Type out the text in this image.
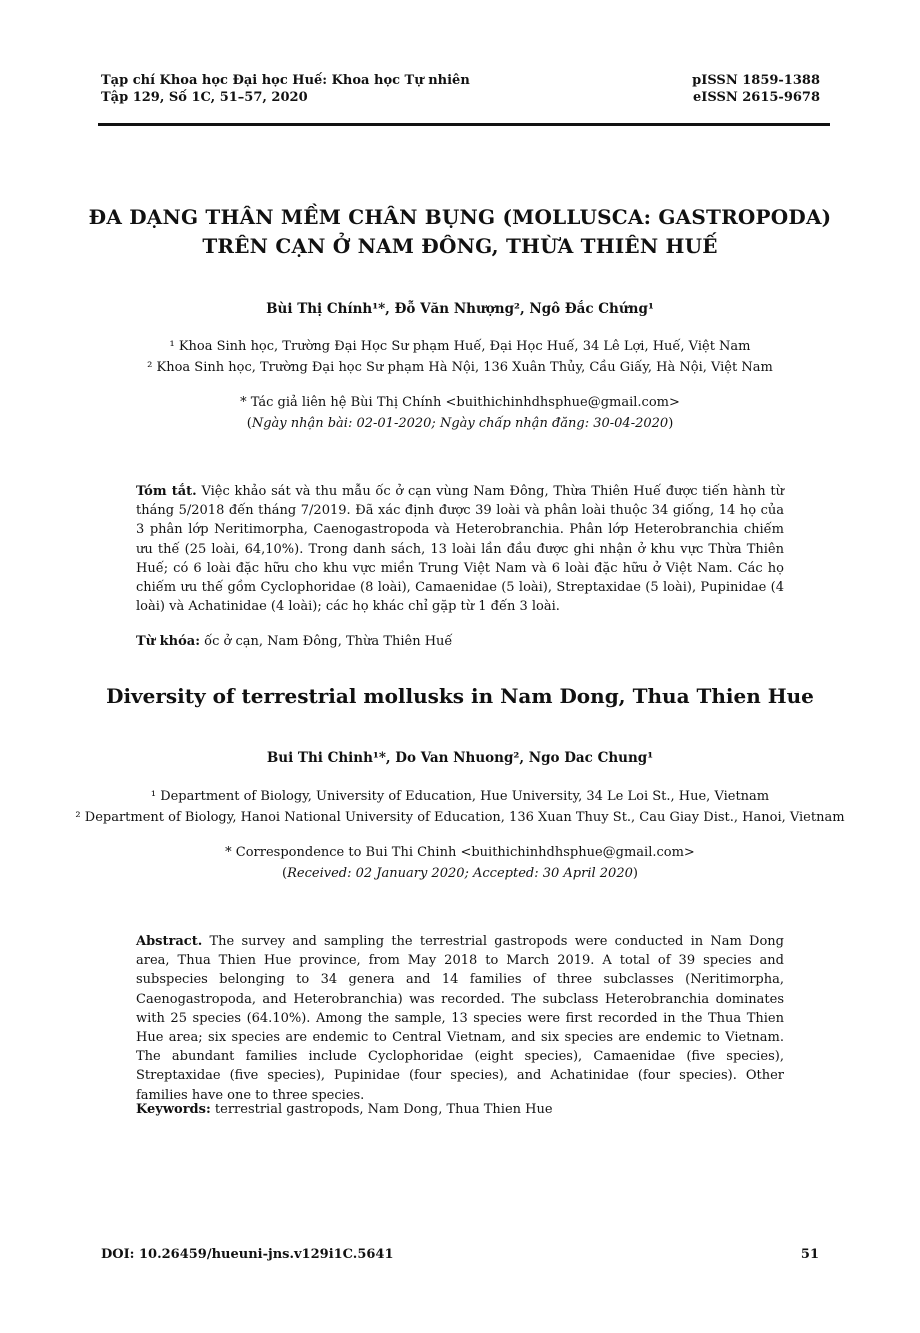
Tạp chí Khoa học Đại học Huế: Khoa học Tự nhiên
Tập 129, Số 1C, 51–57, 2020
pISSN 1859-1388
eISSN 2615-9678
ĐA DẠNG THÂN MỀM CHÂN BỤNG (MOLLUSCA: GASTROPODA)
TRÊN CẠN Ở NAM ĐÔNG, THỪA THIÊN HUẾ
Bùi Thị Chính¹*, Đỗ Văn Nhượng², Ngô Đắc Chứng¹
¹ Khoa Sinh học, Trường Đại Học Sư phạm Huế, Đại Học Huế, 34 Lê Lợi, Huế, Việt Nam
² Khoa Sinh học, Trường Đại học Sư phạm Hà Nội, 136 Xuân Thủy, Cầu Giấy, Hà Nội, Việt Nam
* Tác giả liên hệ Bùi Thị Chính <buithichinhdhsphue@gmail.com>
(Ngày nhận bài: 02-01-2020; Ngày chấp nhận đăng: 30-04-2020)
Tóm tắt. Việc khảo sát và thu mẫu ốc ở cạn vùng Nam Đông, Thừa Thiên Huế được tiến hành từ tháng 5/2018 đến tháng 7/2019. Đã xác định được 39 loài và phân loài thuộc 34 giống, 14 họ của 3 phân lớp Neritimorpha, Caenogastropoda và Heterobranchia. Phân lớp Heterobranchia chiếm ưu thế (25 loài, 64,10%). Trong danh sách, 13 loài lần đầu được ghi nhận ở khu vực Thừa Thiên Huế; có 6 loài đặc hữu cho khu vực miền Trung Việt Nam và 6 loài đặc hữu ở Việt Nam. Các họ chiếm ưu thế gồm Cyclophoridae (8 loài), Camaenidae (5 loài), Streptaxidae (5 loài), Pupinidae (4 loài) và Achatinidae (4 loài); các họ khác chỉ gặp từ 1 đến 3 loài.
Từ khóa: ốc ở cạn, Nam Đông, Thừa Thiên Huế
Diversity of terrestrial mollusks in Nam Dong, Thua Thien Hue
Bui Thi Chinh¹*, Do Van Nhuong², Ngo Dac Chung¹
¹ Department of Biology, University of Education, Hue University, 34 Le Loi St., Hue, Vietnam
² Department of Biology, Hanoi National University of Education, 136 Xuan Thuy St., Cau Giay Dist., Hanoi, Vietnam
* Correspondence to Bui Thi Chinh <buithichinhdhsphue@gmail.com>
(Received: 02 January 2020; Accepted: 30 April 2020)
Abstract. The survey and sampling the terrestrial gastropods were conducted in Nam Dong area, Thua Thien Hue province, from May 2018 to March 2019. A total of 39 species and subspecies belonging to 34 genera and 14 families of three subclasses (Neritimorpha, Caenogastropoda, and Heterobranchia) was recorded. The subclass Heterobranchia dominates with 25 species (64.10%). Among the sample, 13 species were first recorded in the Thua Thien Hue area; six species are endemic to Central Vietnam, and six species are endemic to Vietnam. The abundant families include Cyclophoridae (eight species), Camaenidae (five species), Streptaxidae (five species), Pupinidae (four species), and Achatinidae (four species). Other families have one to three species.
Keywords: terrestrial gastropods, Nam Dong, Thua Thien Hue
DOI: 10.26459/hueuni-jns.v129i1C.5641	51
